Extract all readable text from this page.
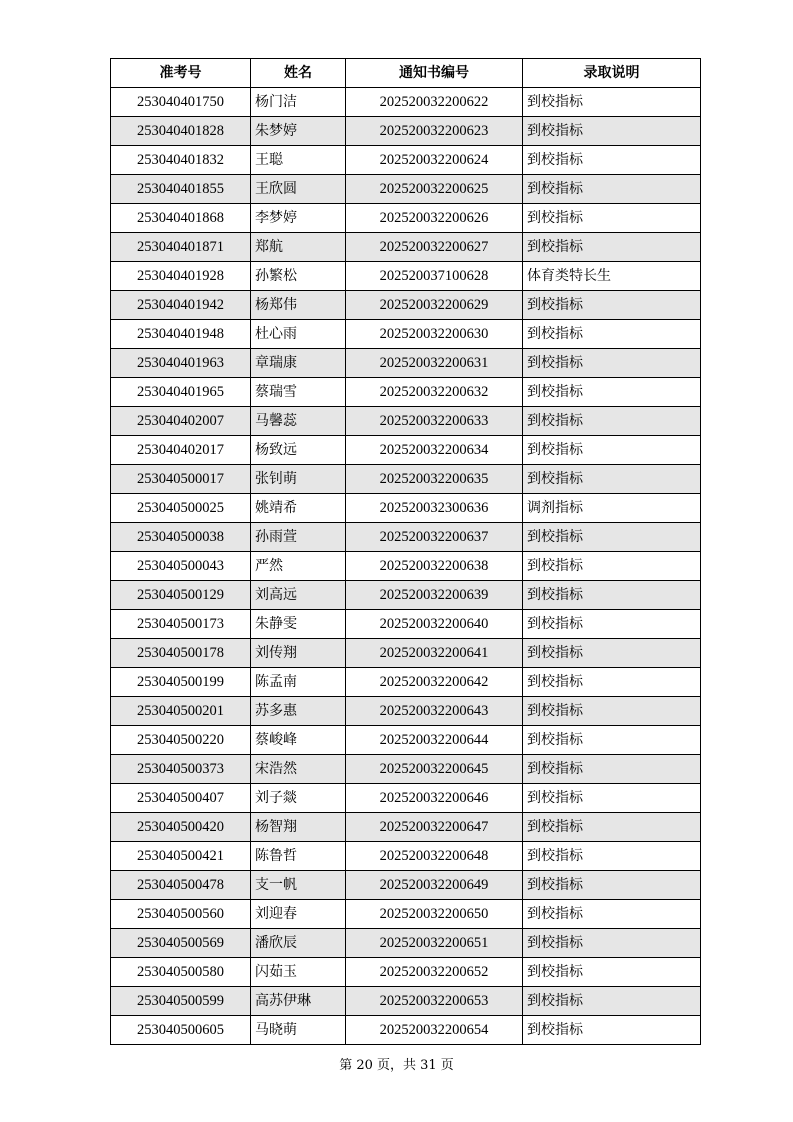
准考号	姓名	通知书编号	录取说明
253040401750	杨门洁	202520032200622	到校指标
253040401828	朱梦婷	202520032200623	到校指标
253040401832	王聪	202520032200624	到校指标
253040401855	王欣圆	202520032200625	到校指标
253040401868	李梦婷	202520032200626	到校指标
253040401871	郑航	202520032200627	到校指标
253040401928	孙繁松	202520037100628	体育类特长生
253040401942	杨郑伟	202520032200629	到校指标
253040401948	杜心雨	202520032200630	到校指标
253040401963	章瑞康	202520032200631	到校指标
253040401965	蔡瑞雪	202520032200632	到校指标
253040402007	马馨蕊	202520032200633	到校指标
253040402017	杨致远	202520032200634	到校指标
253040500017	张钊萌	202520032200635	到校指标
253040500025	姚靖希	202520032300636	调剂指标
253040500038	孙雨萱	202520032200637	到校指标
253040500043	严然	202520032200638	到校指标
253040500129	刘高远	202520032200639	到校指标
253040500173	朱静雯	202520032200640	到校指标
253040500178	刘传翔	202520032200641	到校指标
253040500199	陈孟南	202520032200642	到校指标
253040500201	苏多惠	202520032200643	到校指标
253040500220	蔡峻峰	202520032200644	到校指标
253040500373	宋浩然	202520032200645	到校指标
253040500407	刘子燚	202520032200646	到校指标
253040500420	杨智翔	202520032200647	到校指标
253040500421	陈鲁哲	202520032200648	到校指标
253040500478	支一帆	202520032200649	到校指标
253040500560	刘迎春	202520032200650	到校指标
253040500569	潘欣辰	202520032200651	到校指标
253040500580	闪茹玉	202520032200652	到校指标
253040500599	高苏伊琳	202520032200653	到校指标
253040500605	马晓萌	202520032200654	到校指标
第 20 页，共 31 页
